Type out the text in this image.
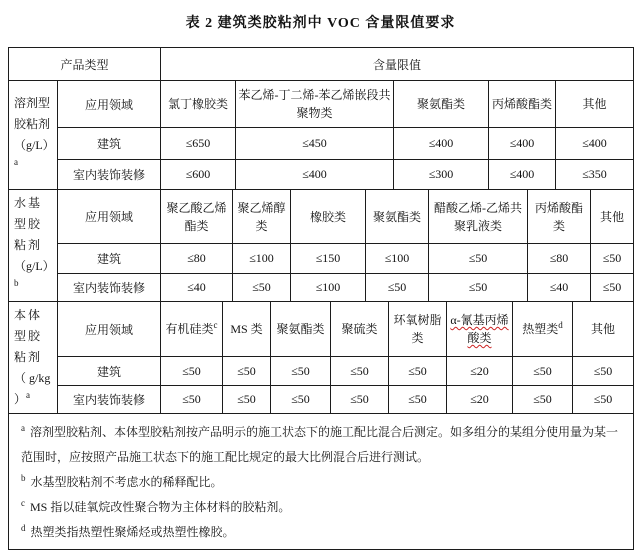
表 2 建筑类胶粘剂中 VOC 含量限值要求
产品类型	含量限值
溶剂型胶粘剂 $(g/L)^a$	应用领域	氯丁橡胶类	苯乙烯-丁二烯-苯乙烯嵌段共聚物类	聚氨酯类	丙烯酸酯类	其他
	建筑	≤650	≤450	≤400	≤400	≤400
	室内装饰装修	≤600	≤400	≤300	≤400	≤350
水基型胶粘剂 $(g/L)^b$	应用领域	聚乙酸乙烯酯类	聚乙烯醇类	橡胶类	聚氨酯类	醋酸乙烯-乙烯共聚乳液类	丙烯酸酯类	其他
	建筑	≤80	≤100	≤150	≤100	≤50	≤80	≤50
	室内装饰装修	≤40	≤50	≤100	≤50	≤50	≤40	≤50
本体型胶粘剂 （ g/kg ）$^a$	应用领域	有机硅类$^c$	MS 类	聚氨酯类	聚硫类	环氧树脂类	α-氰基丙烯酸类	热塑类$^d$	其他
	建筑	≤50	≤50	≤50	≤50	≤50	≤20	≤50	≤50
	室内装饰装修	≤50	≤50	≤50	≤50	≤50	≤20	≤50	≤50
$^a$ 溶剂型胶粘剂、本体型胶粘剂按产品明示的施工状态下的施工配比混合后测定。如多组分的某组分使用量为某一范围时，应按照产品施工状态下的施工配比规定的最大比例混合后进行测试。
$^b$ 水基型胶粘剂不考虑水的稀释配比。
$^c$ MS 指以硅氧烷改性聚合物为主体材料的胶粘剂。
$^d$ 热塑类指热塑性聚烯烃或热塑性橡胶。
